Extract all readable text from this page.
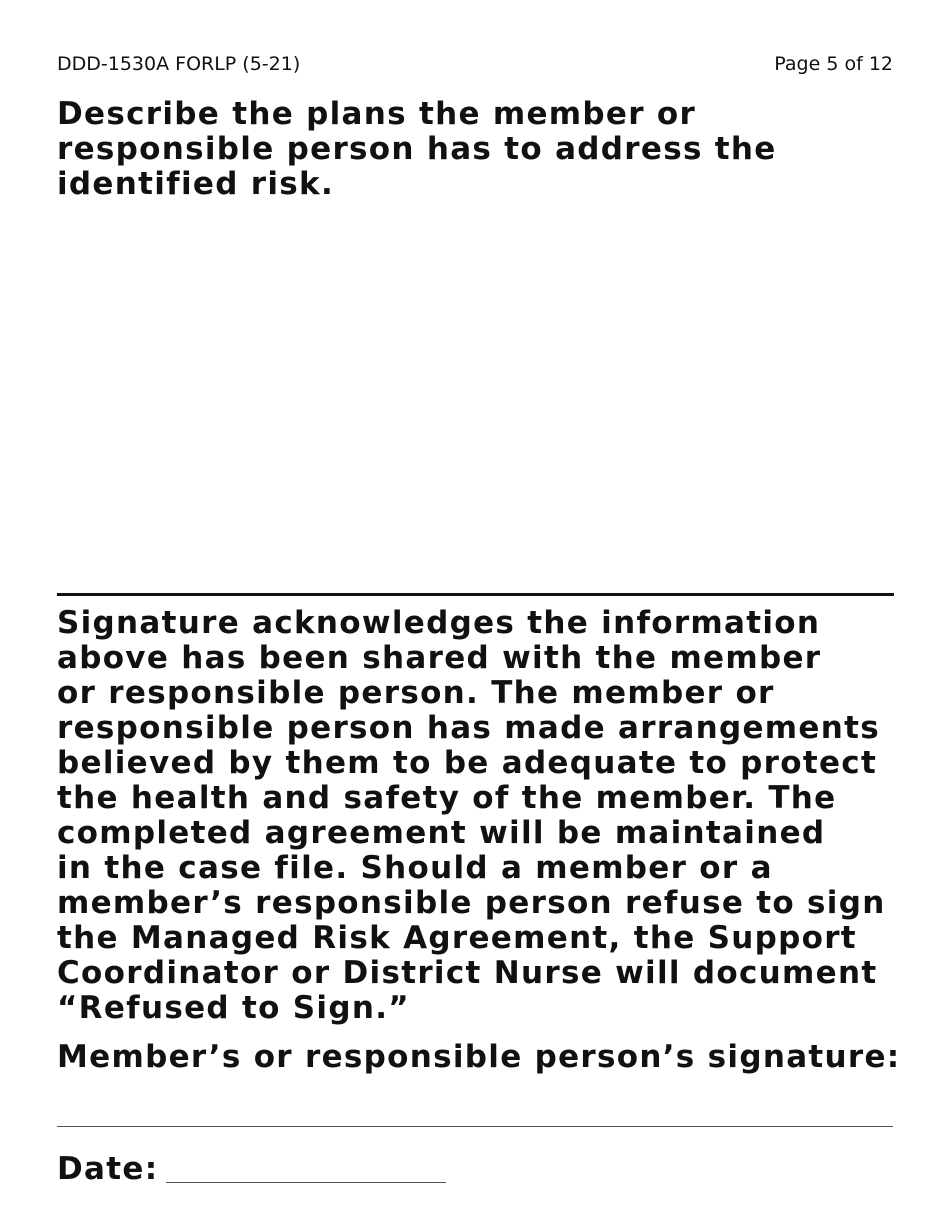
DDD-1530A FORLP (5-21)	Page 5 of 12
Describe the plans the member or
responsible person has to address the
identified risk.

Signature acknowledges the information
above has been shared with the member
or responsible person. The member or
responsible person has made arrangements
believed by them to be adequate to protect
the health and safety of the member. The
completed agreement will be maintained
in the case file. Should a member or a
member’s responsible person refuse to sign
the Managed Risk Agreement, the Support
Coordinator or District Nurse will document
“Refused to Sign.”

Member’s or responsible person’s signature:
Date:
